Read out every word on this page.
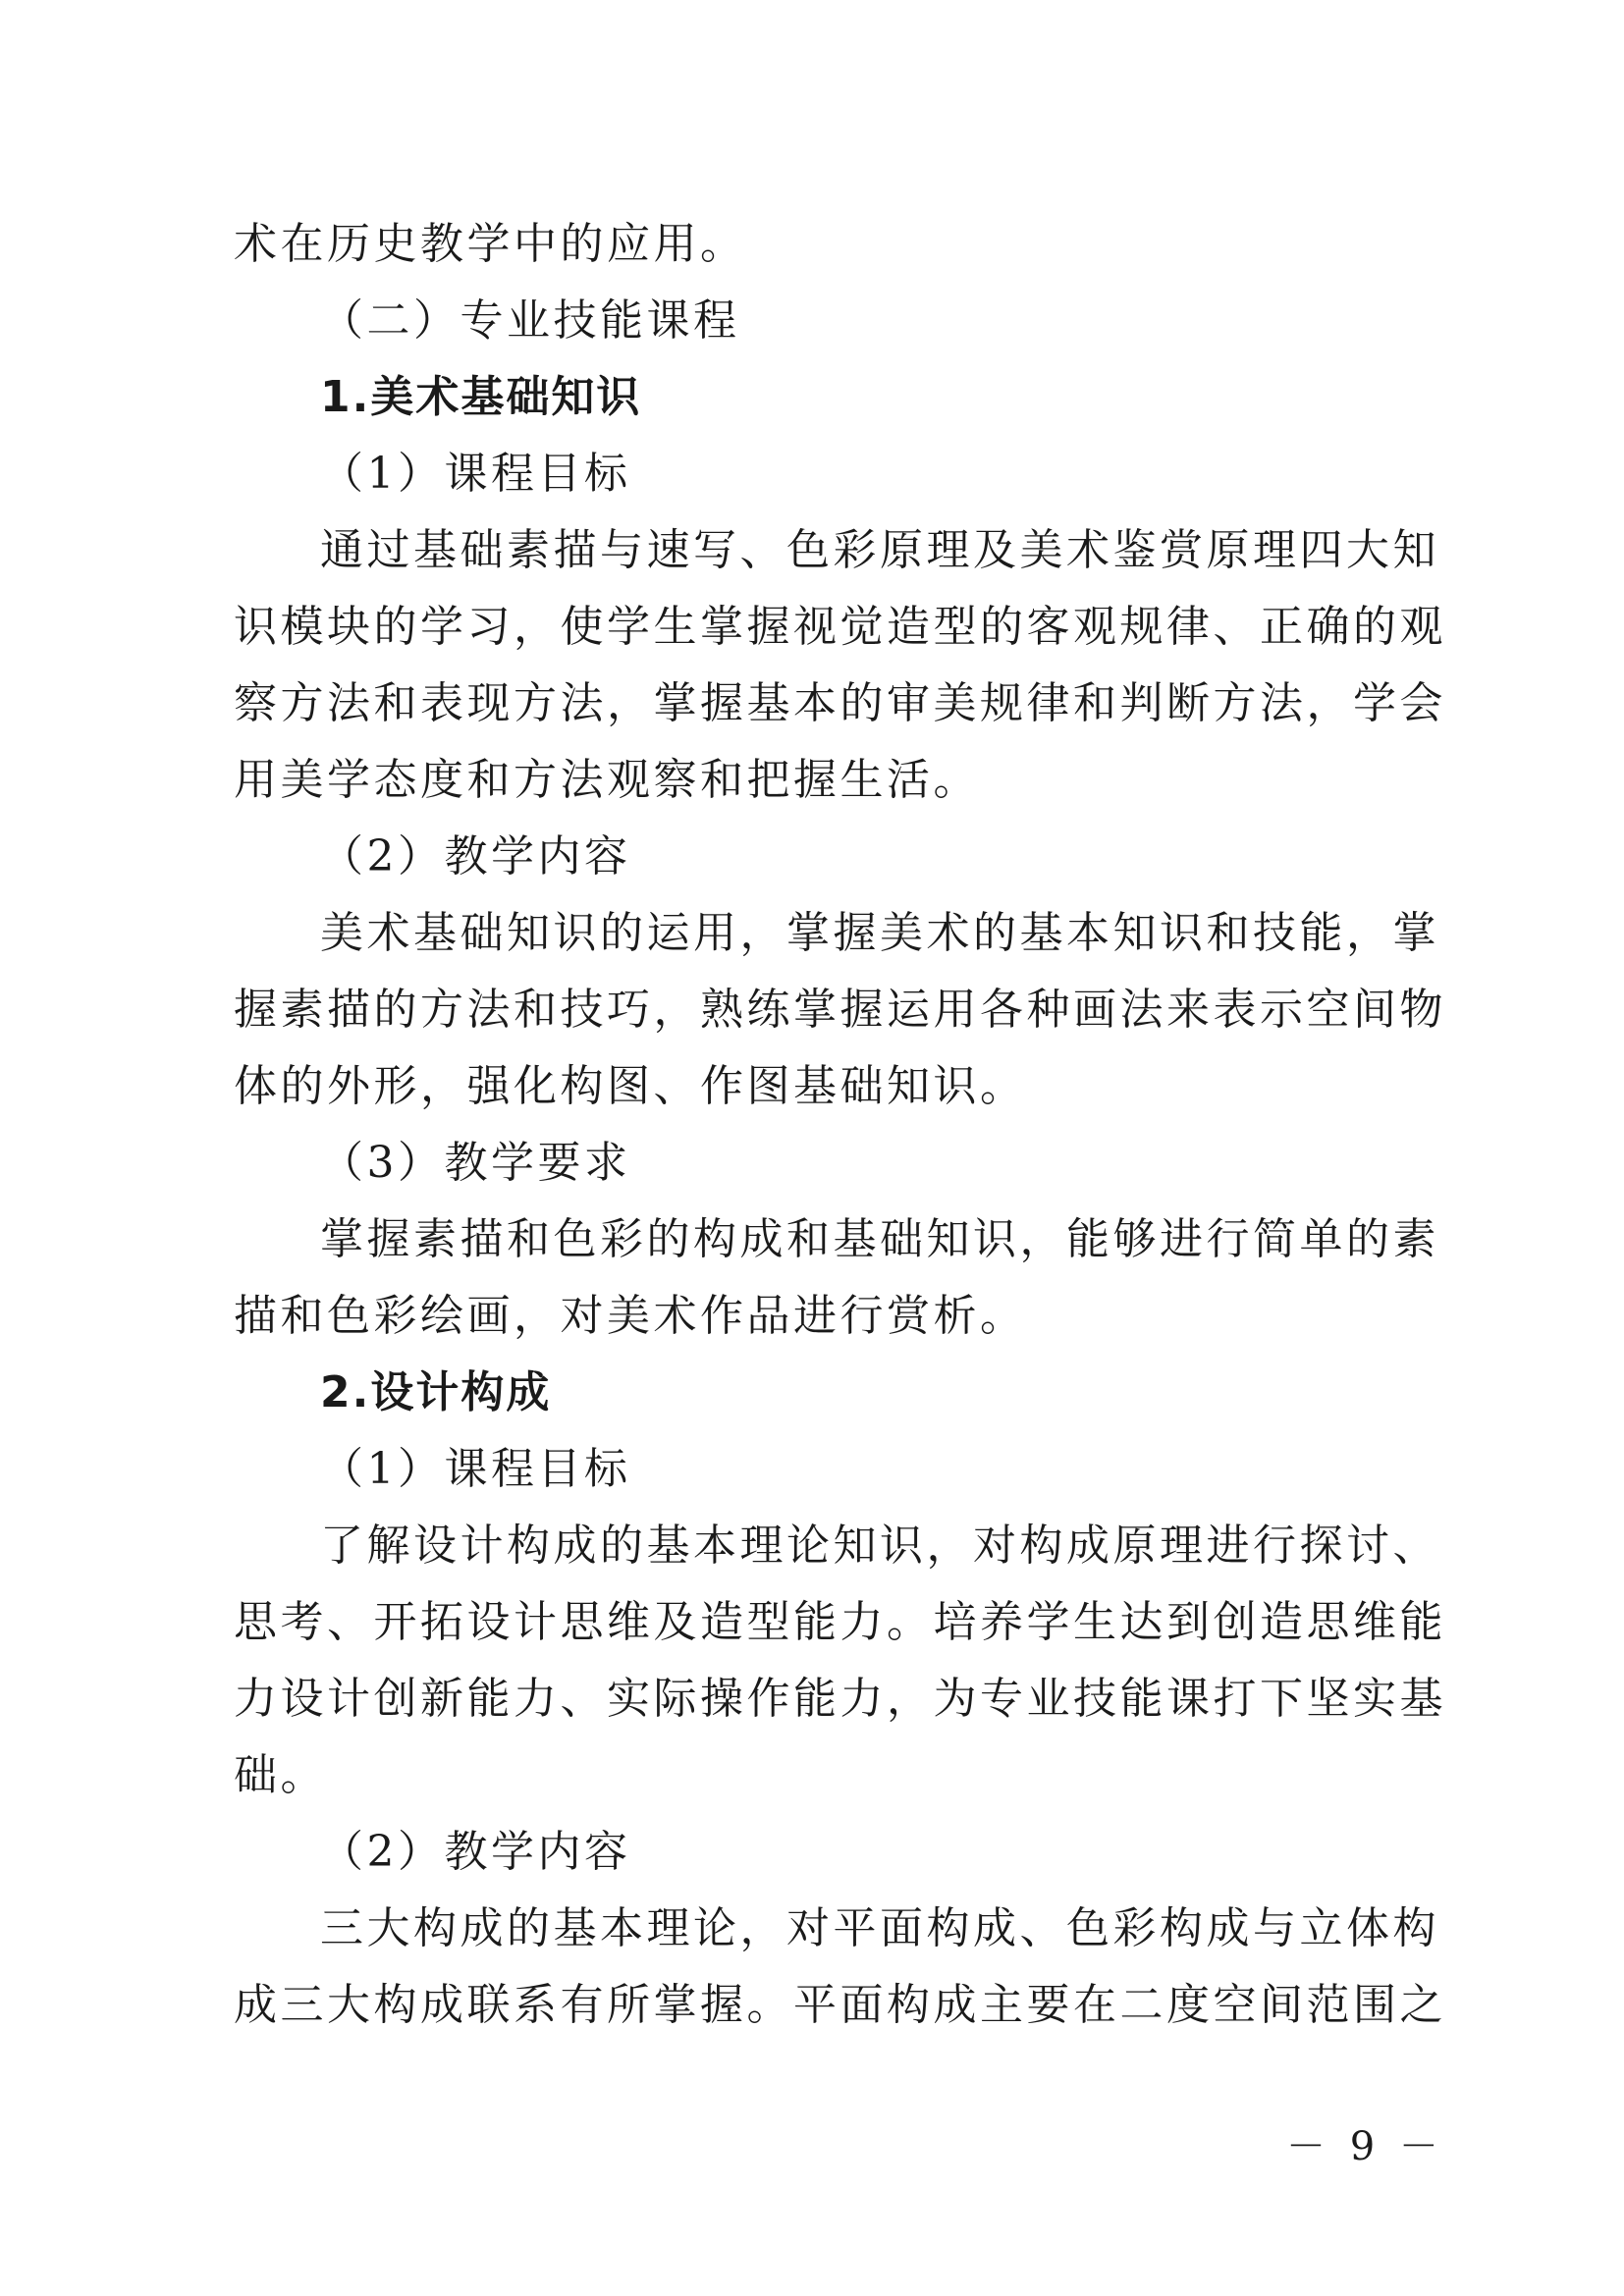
术在历史教学中的应用。
（二）专业技能课程
1.美术基础知识
（1）课程目标
通过基础素描与速写、色彩原理及美术鉴赏原理四大知
识模块的学习，使学生掌握视觉造型的客观规律、正确的观
察方法和表现方法，掌握基本的审美规律和判断方法，学会
用美学态度和方法观察和把握生活。
（2）教学内容
美术基础知识的运用，掌握美术的基本知识和技能，掌
握素描的方法和技巧，熟练掌握运用各种画法来表示空间物
体的外形，强化构图、作图基础知识。
（3）教学要求
掌握素描和色彩的构成和基础知识，能够进行简单的素
描和色彩绘画，对美术作品进行赏析。
2.设计构成
（1）课程目标
了解设计构成的基本理论知识，对构成原理进行探讨、
思考、开拓设计思维及造型能力。培养学生达到创造思维能
力设计创新能力、实际操作能力，为专业技能课打下坚实基
础。
（2）教学内容
三大构成的基本理论，对平面构成、色彩构成与立体构
成三大构成联系有所掌握。平面构成主要在二度空间范围之
－ 9 －
